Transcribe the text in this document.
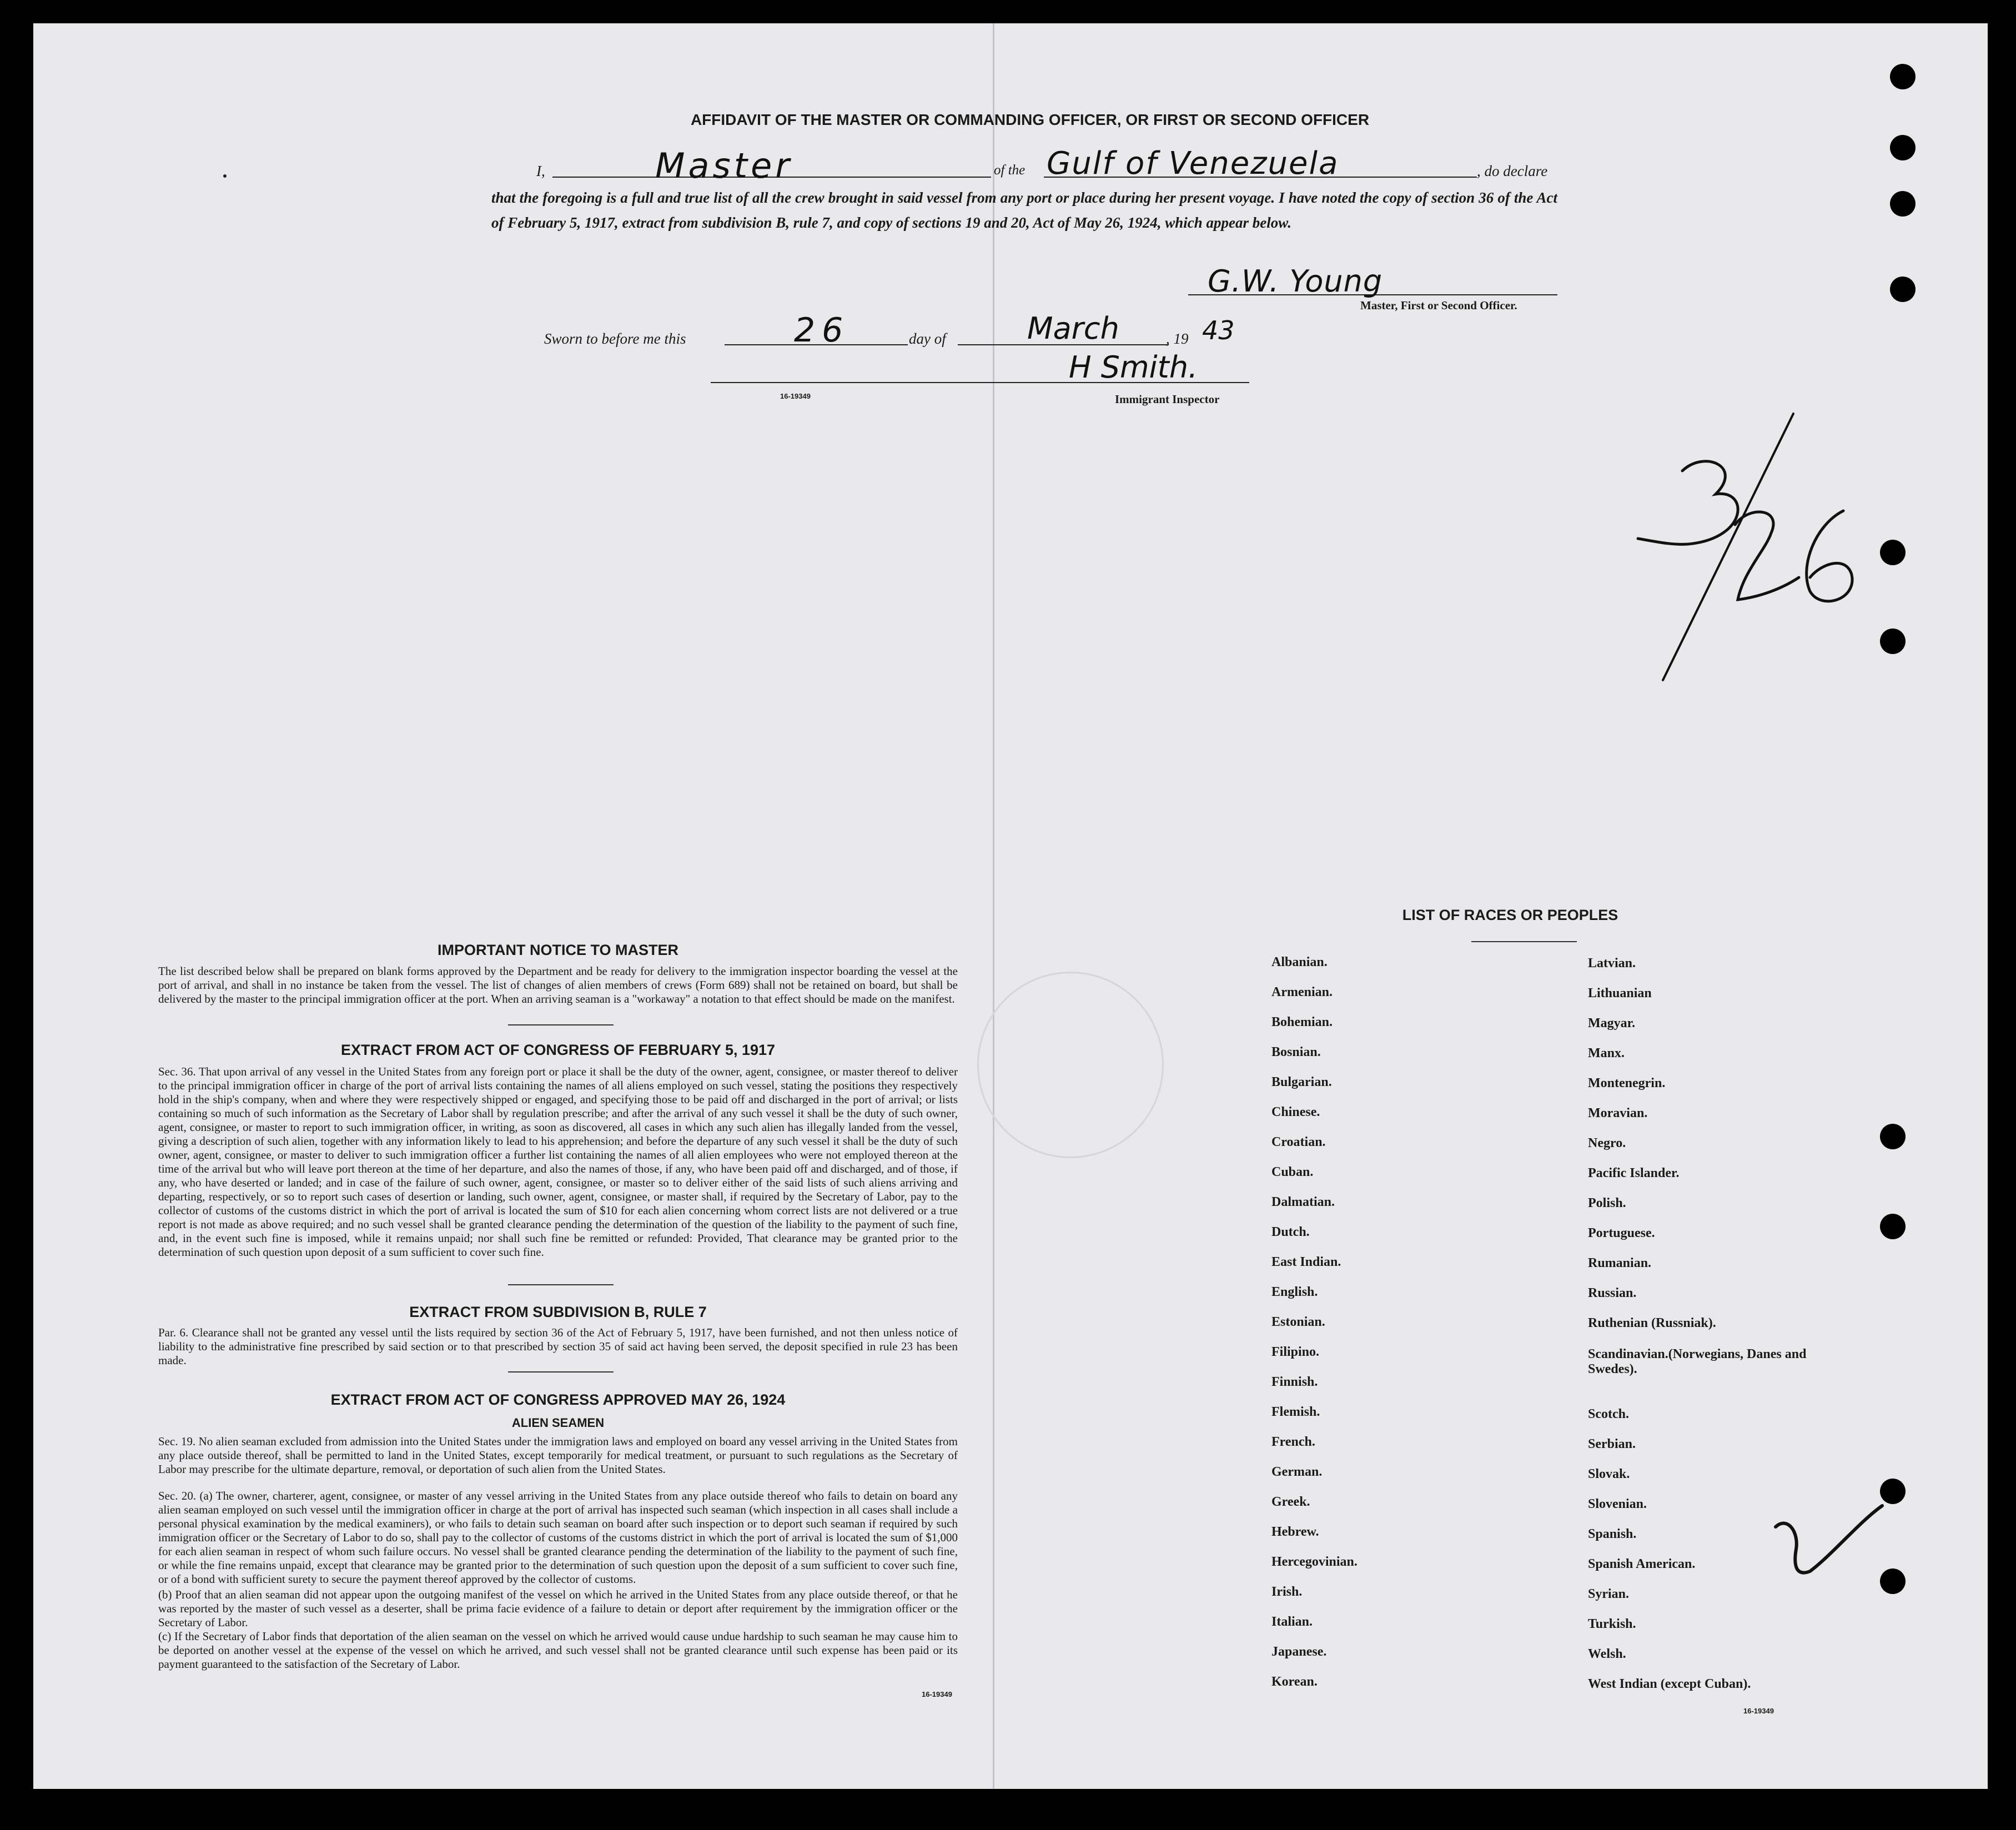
AFFIDAVIT OF THE MASTER OR COMMANDING OFFICER, OR FIRST OR SECOND OFFICER
I,	Master	of the Gulf of Venezuela	, do declare
that the foregoing is a full and true list of all the crew brought in said vessel from any port or place during her present voyage. I have noted the copy of section 36 of the Act of February 5, 1917, extract from subdivision B, rule 7, and copy of sections 19 and 20, Act of May 26, 1924, which appear below.
G.W. Young
Master, First or Second Officer.
Sworn to before me this	26	day of	March	, 19 43
H Smith.
16-19349	Immigrant Inspector
IMPORTANT NOTICE TO MASTER
The list described below shall be prepared on blank forms approved by the Department and be ready for delivery to the immigration inspector boarding the vessel at the port of arrival, and shall in no instance be taken from the vessel. The list of changes of alien members of crews (Form 689) shall not be retained on board, but shall be delivered by the master to the principal immigration officer at the port. When an arriving seaman is a "workaway" a notation to that effect should be made on the manifest.
EXTRACT FROM ACT OF CONGRESS OF FEBRUARY 5, 1917
Sec. 36. That upon arrival of any vessel in the United States from any foreign port or place it shall be the duty of the owner, agent, consignee, or master thereof to deliver to the principal immigration officer in charge of the port of arrival lists containing the names of all aliens employed on such vessel, stating the positions they respectively hold in the ship's company, when and where they were respectively shipped or engaged, and specifying those to be paid off and discharged in the port of arrival; or lists containing so much of such information as the Secretary of Labor shall by regulation prescribe; and after the arrival of any such vessel it shall be the duty of such owner, agent, consignee, or master to report to such immigration officer, in writing, as soon as discovered, all cases in which any such alien has illegally landed from the vessel, giving a description of such alien, together with any information likely to lead to his apprehension; and before the departure of any such vessel it shall be the duty of such owner, agent, consignee, or master to deliver to such immigration officer a further list containing the names of all alien employees who were not employed thereon at the time of the arrival but who will leave port thereon at the time of her departure, and also the names of those, if any, who have been paid off and discharged, and of those, if any, who have deserted or landed; and in case of the failure of such owner, agent, consignee, or master so to deliver either of the said lists of such aliens arriving and departing, respectively, or so to report such cases of desertion or landing, such owner, agent, consignee, or master shall, if required by the Secretary of Labor, pay to the collector of customs of the customs district in which the port of arrival is located the sum of $10 for each alien concerning whom correct lists are not delivered or a true report is not made as above required; and no such vessel shall be granted clearance pending the determination of the question of the liability to the payment of such fine, and, in the event such fine is imposed, while it remains unpaid; nor shall such fine be remitted or refunded: Provided, That clearance may be granted prior to the determination of such question upon deposit of a sum sufficient to cover such fine.
EXTRACT FROM SUBDIVISION B, RULE 7
Par. 6. Clearance shall not be granted any vessel until the lists required by section 36 of the Act of February 5, 1917, have been furnished, and not then unless notice of liability to the administrative fine prescribed by said section or to that prescribed by section 35 of said act having been served, the deposit specified in rule 23 has been made.
EXTRACT FROM ACT OF CONGRESS APPROVED MAY 26, 1924
ALIEN SEAMEN
Sec. 19. No alien seaman excluded from admission into the United States under the immigration laws and employed on board any vessel arriving in the United States from any place outside thereof, shall be permitted to land in the United States, except temporarily for medical treatment, or pursuant to such regulations as the Secretary of Labor may prescribe for the ultimate departure, removal, or deportation of such alien from the United States.
Sec. 20. (a) The owner, charterer, agent, consignee, or master of any vessel arriving in the United States from any place outside thereof who fails to detain on board any alien seaman employed on such vessel until the immigration officer in charge at the port of arrival has inspected such seaman (which inspection in all cases shall include a personal physical examination by the medical examiners), or who fails to detain such seaman on board after such inspection or to deport such seaman if required by such immigration officer or the Secretary of Labor to do so, shall pay to the collector of customs of the customs district in which the port of arrival is located the sum of $1,000 for each alien seaman in respect of whom such failure occurs. No vessel shall be granted clearance pending the determination of the liability to the payment of such fine, or while the fine remains unpaid, except that clearance may be granted prior to the determination of such question upon the deposit of a sum sufficient to cover such fine, or of a bond with sufficient surety to secure the payment thereof approved by the collector of customs.
(b) Proof that an alien seaman did not appear upon the outgoing manifest of the vessel on which he arrived in the United States from any place outside thereof, or that he was reported by the master of such vessel as a deserter, shall be prima facie evidence of a failure to detain or deport after requirement by the immigration officer or the Secretary of Labor.
(c) If the Secretary of Labor finds that deportation of the alien seaman on the vessel on which he arrived would cause undue hardship to such seaman he may cause him to be deported on another vessel at the expense of the vessel on which he arrived, and such vessel shall not be granted clearance until such expense has been paid or its payment guaranteed to the satisfaction of the Secretary of Labor.
16-19349
LIST OF RACES OR PEOPLES
Albanian.
Armenian.
Bohemian.
Bosnian.
Bulgarian.
Chinese.
Croatian.
Cuban.
Dalmatian.
Dutch.
East Indian.
English.
Estonian.
Filipino.
Finnish.
Flemish.
French.
German.
Greek.
Hebrew.
Hercegovinian.
Irish.
Italian.
Japanese.
Korean.
Latvian.
Lithuanian
Magyar.
Manx.
Montenegrin.
Moravian.
Negro.
Pacific Islander.
Polish.
Portuguese.
Rumanian.
Russian.
Ruthenian (Russniak).
Scandinavian.(Norwegians, Danes and Swedes).
Scotch.
Serbian.
Slovak.
Slovenian.
Spanish.
Spanish American.
Syrian.
Turkish.
Welsh.
West Indian (except Cuban).
16-19349
